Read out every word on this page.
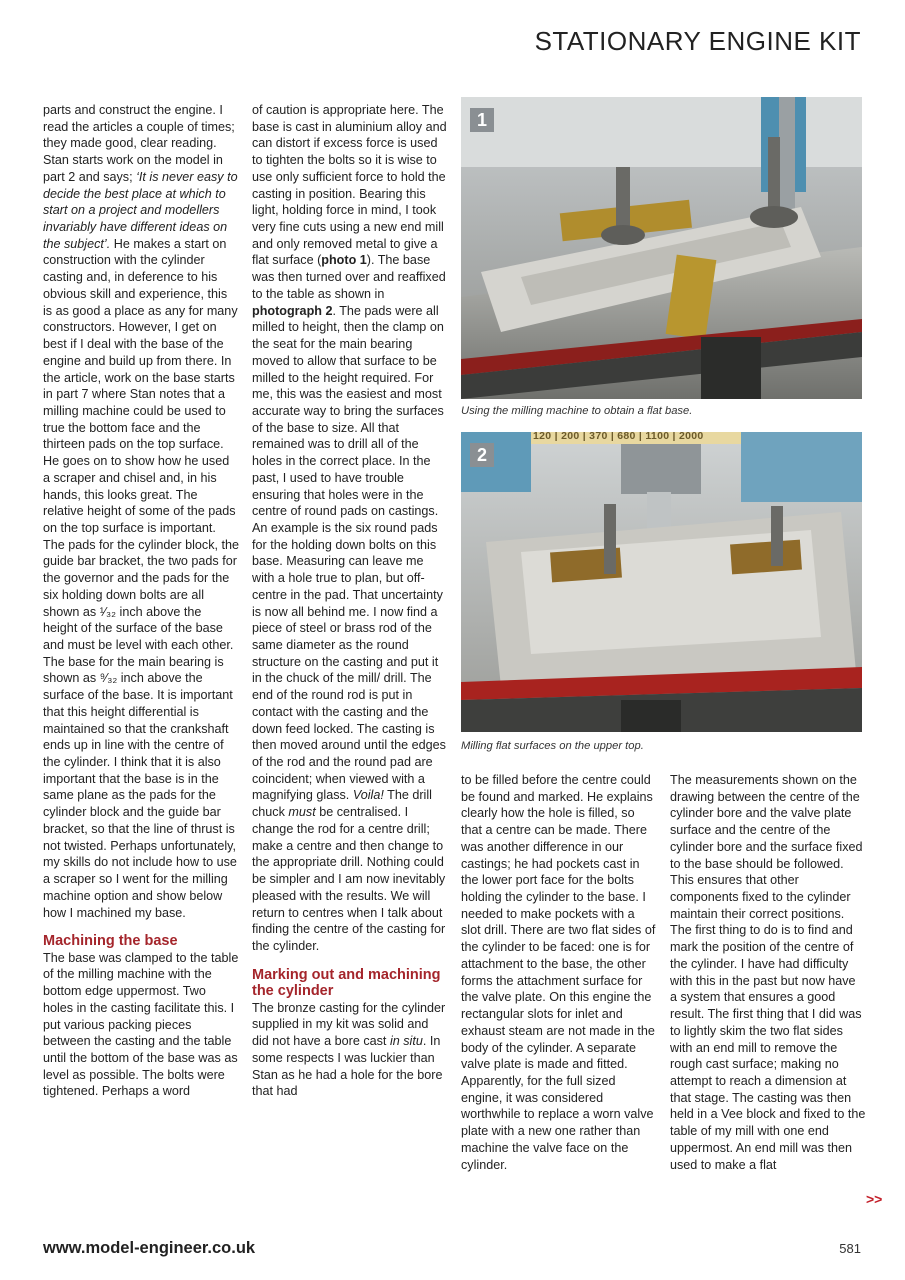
STATIONARY ENGINE KIT

parts and construct the engine. I read the articles a couple of times; they made good, clear reading. Stan starts work on the model in part 2 and says; ‘It is never easy to decide the best place at which to start on a project and modellers invariably have different ideas on the subject’. He makes a start on construction with the cylinder casting and, in deference to his obvious skill and experience, this is as good a place as any for many constructors. However, I get on best if I deal with the base of the engine and build up from there. In the article, work on the base starts in part 7 where Stan notes that a milling machine could be used to true the bottom face and the thirteen pads on the top surface. He goes on to show how he used a scraper and chisel and, in his hands, this looks great. The relative height of some of the pads on the top surface is important. The pads for the cylinder block, the guide bar bracket, the two pads for the governor and the pads for the six holding down bolts are all shown as ¹⁄₃₂ inch above the height of the surface of the base and must be level with each other. The base for the main bearing is shown as ⁹⁄₃₂ inch above the surface of the base. It is important that this height differential is maintained so that the crankshaft ends up in line with the centre of the cylinder. I think that it is also important that the base is in the same plane as the pads for the cylinder block and the guide bar bracket, so that the line of thrust is not twisted. Perhaps unfortunately, my skills do not include how to use a scraper so I went for the milling machine option and show below how I machined my base.

Machining the base

The base was clamped to the table of the milling machine with the bottom edge uppermost. Two holes in the casting facilitate this. I put various packing pieces between the casting and the table until the bottom of the base was as level as possible. The bolts were tightened. Perhaps a word

of caution is appropriate here. The base is cast in aluminium alloy and can distort if excess force is used to tighten the bolts so it is wise to use only sufficient force to hold the casting in position. Bearing this light, holding force in mind, I took very fine cuts using a new end mill and only removed metal to give a flat surface (photo 1). The base was then turned over and reaffixed to the table as shown in photograph 2. The pads were all milled to height, then the clamp on the seat for the main bearing moved to allow that surface to be milled to the height required. For me, this was the easiest and most accurate way to bring the surfaces of the base to size. All that remained was to drill all of the holes in the correct place. In the past, I used to have trouble ensuring that holes were in the centre of round pads on castings. An example is the six round pads for the holding down bolts on this base. Measuring can leave me with a hole true to plan, but off-centre in the pad. That uncertainty is now all behind me. I now find a piece of steel or brass rod of the same diameter as the round structure on the casting and put it in the chuck of the mill/ drill. The end of the round rod is put in contact with the casting and the down feed locked. The casting is then moved around until the edges of the rod and the round pad are coincident; when viewed with a magnifying glass. Voila! The drill chuck must be centralised. I change the rod for a centre drill; make a centre and then change to the appropriate drill. Nothing could be simpler and I am now inevitably pleased with the results. We will return to centres when I talk about finding the centre of the casting for the cylinder.

Marking out and machining the cylinder

The bronze casting for the cylinder supplied in my kit was solid and did not have a bore cast in situ. In some respects I was luckier than Stan as he had a hole for the bore that had

1
Using the milling machine to obtain a flat base.
120 | 200 | 370 | 680 | 1100 | 2000
2
Milling flat surfaces on the upper top.

to be filled before the centre could be found and marked. He explains clearly how the hole is filled, so that a centre can be made. There was another difference in our castings; he had pockets cast in the lower port face for the bolts holding the cylinder to the base. I needed to make pockets with a slot drill. There are two flat sides of the cylinder to be faced: one is for attachment to the base, the other forms the attachment surface for the valve plate. On this engine the rectangular slots for inlet and exhaust steam are not made in the body of the cylinder. A separate valve plate is made and fitted. Apparently, for the full sized engine, it was considered worthwhile to replace a worn valve plate with a new one rather than machine the valve face on the cylinder.

The measurements shown on the drawing between the centre of the cylinder bore and the valve plate surface and the centre of the cylinder bore and the surface fixed to the base should be followed. This ensures that other components fixed to the cylinder maintain their correct positions. The first thing to do is to find and mark the position of the centre of the cylinder. I have had difficulty with this in the past but now have a system that ensures a good result. The first thing that I did was to lightly skim the two flat sides with an end mill to remove the rough cast surface; making no attempt to reach a dimension at that stage. The casting was then held in a Vee block and fixed to the table of my mill with one end uppermost. An end mill was then used to make a flat

>>
www.model-engineer.co.uk	581
